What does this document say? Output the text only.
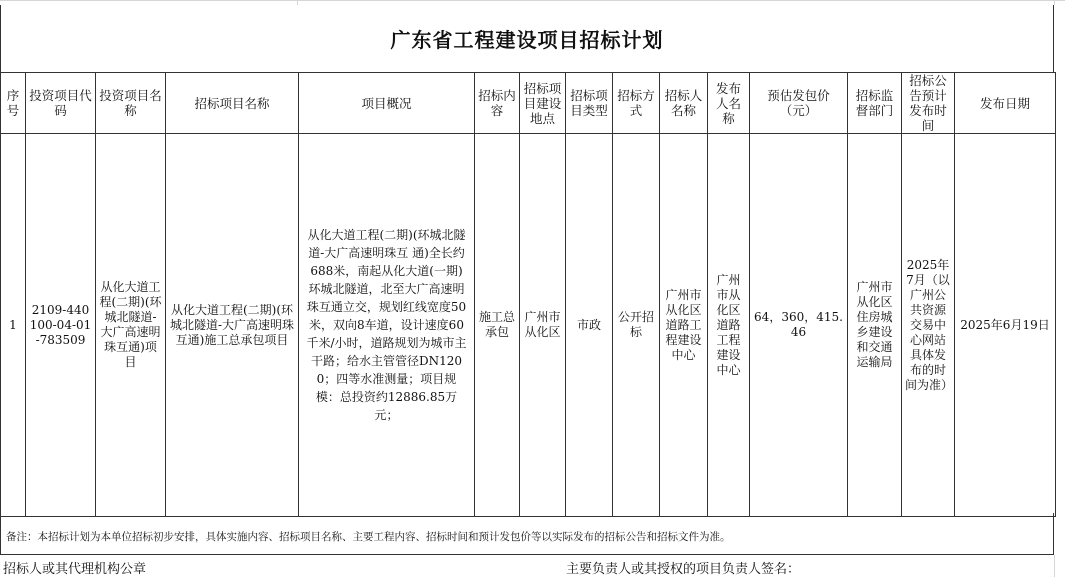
广东省工程建设项目招标计划
序号	投资项目代码	投资项目名称	招标项目名称	项目概况	招标内容	招标项目建设地点	招标项目类型	招标方式	招标人名称	发布人名称	预估发包价（元）	招标监督部门	招标公告预计发布时间	发布日期
1	2109-440100-04-01-783509	从化大道工程(二期)(环城北隧道-大广高速明珠互通)项目	从化大道工程(二期)(环城北隧道-大广高速明珠互通)施工总承包项目	从化大道工程(二期)(环城北隧道-大广高速明珠互 通)全长约688米，南起从化大道(一期)环城北隧道，北至大广高速明珠互通立交，规划红线宽度50米，双向8车道，设计速度60千米/小时，道路规划为城市主干路；给水主管管径DN1200；四等水准测量；项目规模：总投资约12886.85万元；	施工总承包	广州市从化区	市政	公开招标	广州市从化区道路工程建设中心	广州市从化区道路工程建设中心	64，360，415.46	广州市从化区住房城乡建设和交通运输局	2025年7月（以广州公共资源交易中心网站具体发布的时间为准）	2025年6月19日
备注：本招标计划为本单位招标初步安排，具体实施内容、招标项目名称、主要工程内容、招标时间和预计发包价等以实际发布的招标公告和招标文件为准。
招标人或其代理机构公章	主要负责人或其授权的项目负责人签名：
